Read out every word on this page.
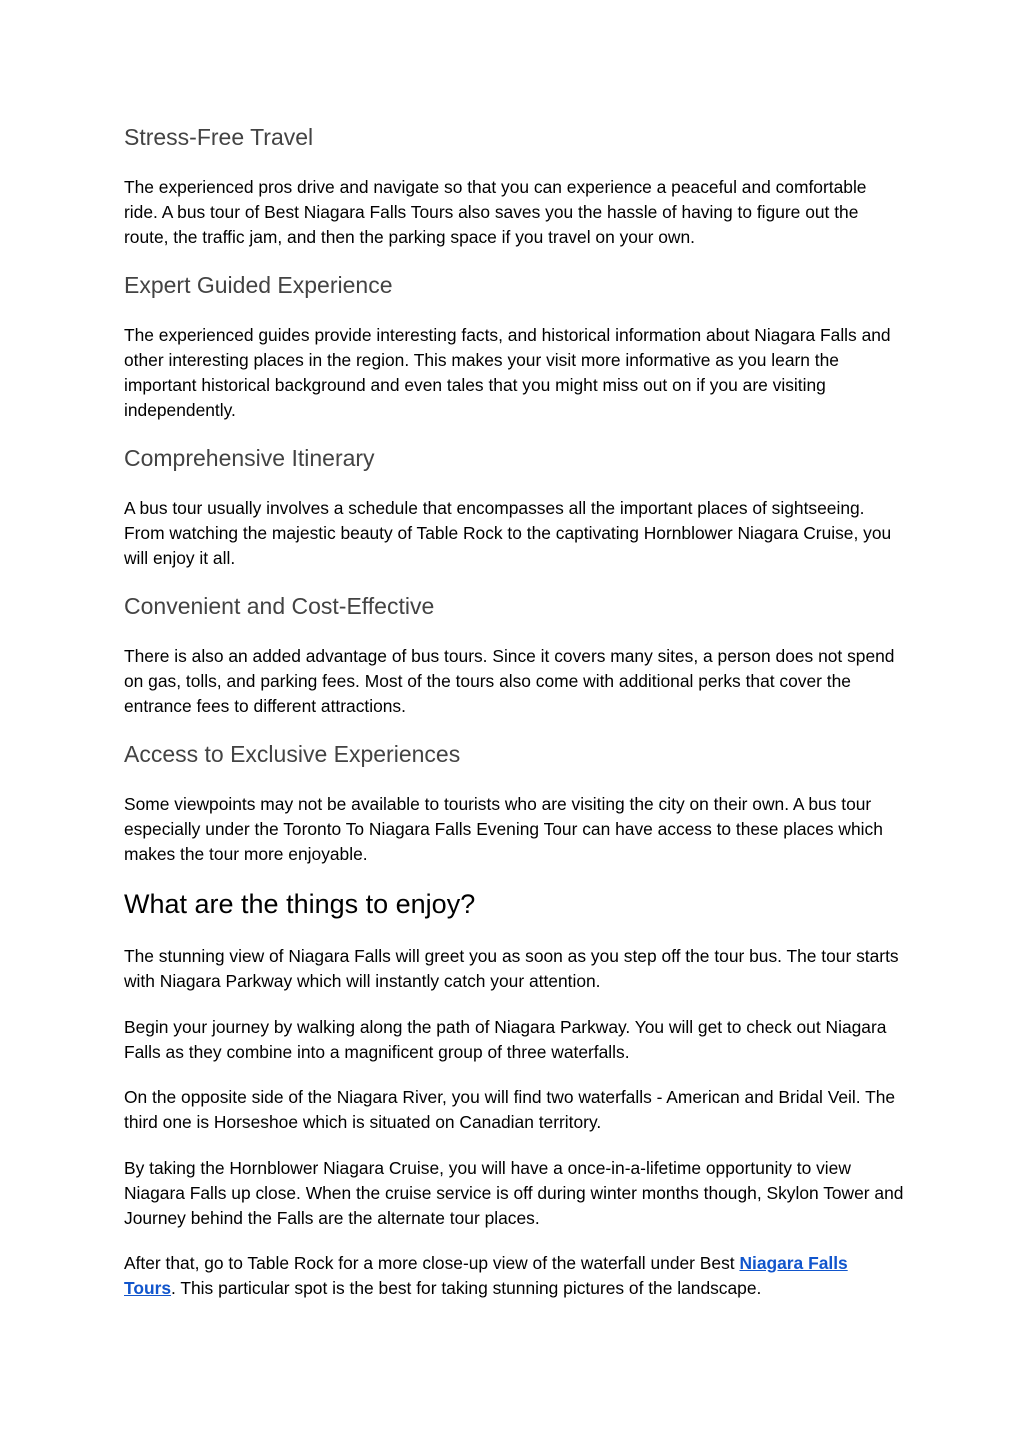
Stress-Free Travel

The experienced pros drive and navigate so that you can experience a peaceful and comfortable ride. A bus tour of Best Niagara Falls Tours also saves you the hassle of having to figure out the route, the traffic jam, and then the parking space if you travel on your own.

Expert Guided Experience

The experienced guides provide interesting facts, and historical information about Niagara Falls and other interesting places in the region. This makes your visit more informative as you learn the important historical background and even tales that you might miss out on if you are visiting independently.

Comprehensive Itinerary

A bus tour usually involves a schedule that encompasses all the important places of sightseeing. From watching the majestic beauty of Table Rock to the captivating Hornblower Niagara Cruise, you will enjoy it all.

Convenient and Cost-Effective

There is also an added advantage of bus tours. Since it covers many sites, a person does not spend on gas, tolls, and parking fees. Most of the tours also come with additional perks that cover the entrance fees to different attractions.

Access to Exclusive Experiences

Some viewpoints may not be available to tourists who are visiting the city on their own. A bus tour especially under the Toronto To Niagara Falls Evening Tour can have access to these places which makes the tour more enjoyable.

What are the things to enjoy?

The stunning view of Niagara Falls will greet you as soon as you step off the tour bus. The tour starts with Niagara Parkway which will instantly catch your attention.

Begin your journey by walking along the path of Niagara Parkway. You will get to check out Niagara Falls as they combine into a magnificent group of three waterfalls.

On the opposite side of the Niagara River, you will find two waterfalls - American and Bridal Veil. The third one is Horseshoe which is situated on Canadian territory.

By taking the Hornblower Niagara Cruise, you will have a once-in-a-lifetime opportunity to view Niagara Falls up close. When the cruise service is off during winter months though, Skylon Tower and Journey behind the Falls are the alternate tour places.

After that, go to Table Rock for a more close-up view of the waterfall under Best Niagara Falls Tours. This particular spot is the best for taking stunning pictures of the landscape.
